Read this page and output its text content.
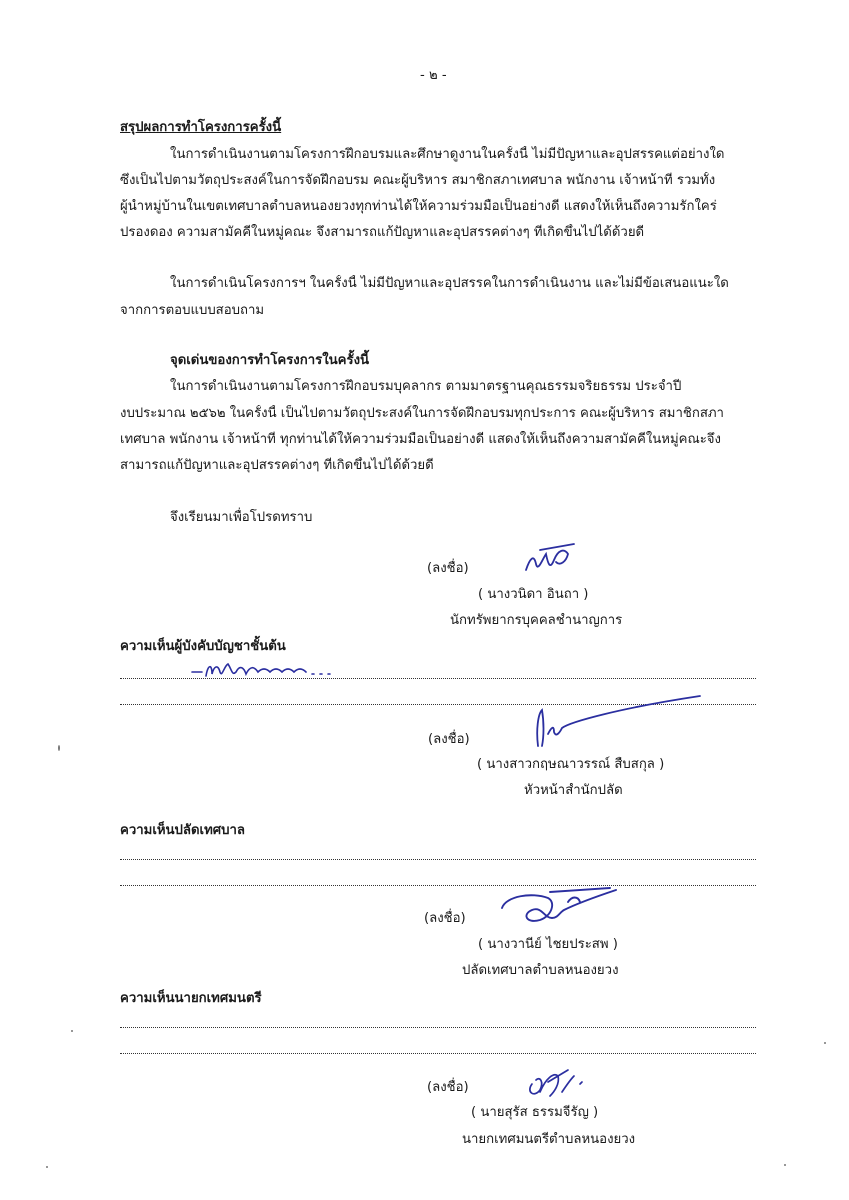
- ๒ -
สรุปผลการทำโครงการครั้งนี้
ในการดำเนินงานตามโครงการฝึกอบรมและศึกษาดูงานในครั้งนี้ ไม่มีปัญหาและอุปสรรคแต่อย่างใด
ซึ่งเป็นไปตามวัตถุประสงค์ในการจัดฝึกอบรม คณะผู้บริหาร สมาชิกสภาเทศบาล พนักงาน เจ้าหน้าที่ รวมทั้ง
ผู้นำหมู่บ้านในเขตเทศบาลตำบลหนองยวงทุกท่านได้ให้ความร่วมมือเป็นอย่างดี แสดงให้เห็นถึงความรักใคร่
ปรองดอง ความสามัคคีในหมู่คณะ จึงสามารถแก้ปัญหาและอุปสรรคต่างๆ ที่เกิดขึ้นไปได้ด้วยดี
ในการดำเนินโครงการฯ ในครั้งนี้ ไม่มีปัญหาและอุปสรรคในการดำเนินงาน และไม่มีข้อเสนอแนะใด
จากการตอบแบบสอบถาม
จุดเด่นของการทำโครงการในครั้งนี้
ในการดำเนินงานตามโครงการฝึกอบรมบุคลากร ตามมาตรฐานคุณธรรมจริยธรรม ประจำปี
งบประมาณ ๒๕๖๒ ในครั้งนี้ เป็นไปตามวัตถุประสงค์ในการจัดฝึกอบรมทุกประการ คณะผู้บริหาร สมาชิกสภา
เทศบาล พนักงาน เจ้าหน้าที่ ทุกท่านได้ให้ความร่วมมือเป็นอย่างดี แสดงให้เห็นถึงความสามัคคีในหมู่คณะจึง
สามารถแก้ปัญหาและอุปสรรคต่างๆ ที่เกิดขึ้นไปได้ด้วยดี
จึงเรียนมาเพื่อโปรดทราบ
(ลงชื่อ)
( นางวนิดา อินถา )
นักทรัพยากรบุคคลชำนาญการ
ความเห็นผู้บังคับบัญชาชั้นต้น
(ลงชื่อ)
( นางสาวกฤษณาวรรณ์ สืบสกุล )
หัวหน้าสำนักปลัด
ความเห็นปลัดเทศบาล
(ลงชื่อ)
( นางวานีย์ ไชยประสพ )
ปลัดเทศบาลตำบลหนองยวง
ความเห็นนายกเทศมนตรี
(ลงชื่อ)
( นายสุรัส ธรรมจีรัญ )
นายกเทศมนตรีตำบลหนองยวง
